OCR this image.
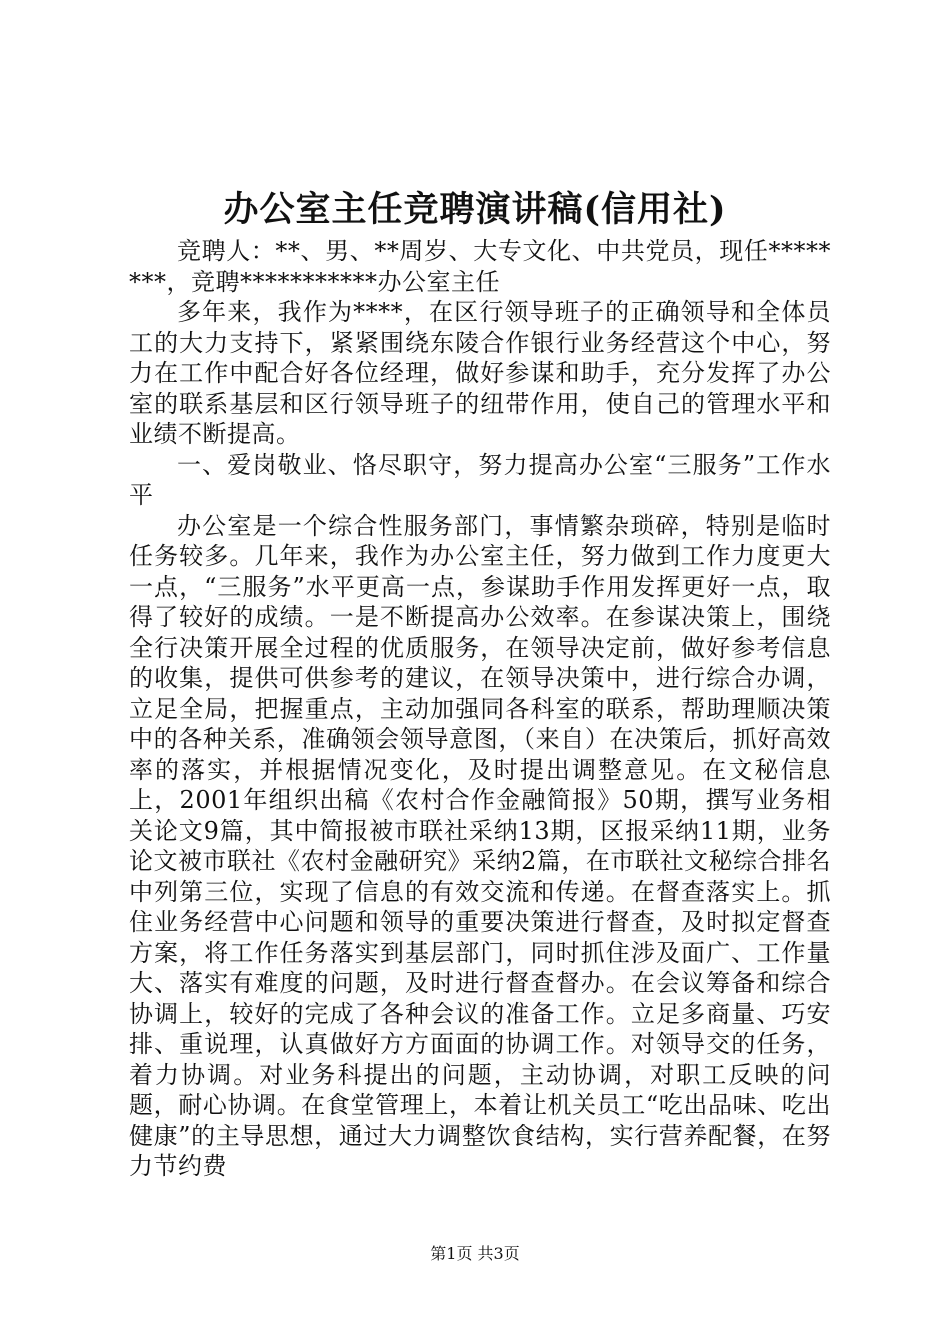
办公室主任竞聘演讲稿(信用社)

竞聘人：**、男、**周岁、大专文化、中共党员，现任********，竞聘***********办公室主任

多年来，我作为****，在区行领导班子的正确领导和全体员工的大力支持下，紧紧围绕东陵合作银行业务经营这个中心，努力在工作中配合好各位经理，做好参谋和助手，充分发挥了办公室的联系基层和区行领导班子的纽带作用，使自己的管理水平和业绩不断提高。

一、爱岗敬业、恪尽职守，努力提高办公室“三服务”工作水平

办公室是一个综合性服务部门，事情繁杂琐碎，特别是临时任务较多。几年来，我作为办公室主任，努力做到工作力度更大一点，“三服务”水平更高一点，参谋助手作用发挥更好一点，取得了较好的成绩。一是不断提高办公效率。在参谋决策上，围绕全行决策开展全过程的优质服务，在领导决定前，做好参考信息的收集，提供可供参考的建议，在领导决策中，进行综合办调，立足全局，把握重点，主动加强同各科室的联系，帮助理顺决策中的各种关系，准确领会领导意图，（来自）在决策后，抓好高效率的落实，并根据情况变化，及时提出调整意见。在文秘信息上，2001年组织出稿《农村合作金融简报》50期，撰写业务相关论文9篇，其中简报被市联社采纳13期，区报采纳11期，业务论文被市联社《农村金融研究》采纳2篇，在市联社文秘综合排名中列第三位，实现了信息的有效交流和传递。在督查落实上。抓住业务经营中心问题和领导的重要决策进行督查，及时拟定督查方案，将工作任务落实到基层部门，同时抓住涉及面广、工作量大、落实有难度的问题，及时进行督查督办。在会议筹备和综合协调上，较好的完成了各种会议的准备工作。立足多商量、巧安排、重说理，认真做好方方面面的协调工作。对领导交的任务，着力协调。对业务科提出的问题，主动协调，对职工反映的问题，耐心协调。在食堂管理上，本着让机关员工“吃出品味、吃出健康”的主导思想，通过大力调整饮食结构，实行营养配餐，在努力节约费

第1页 共3页
